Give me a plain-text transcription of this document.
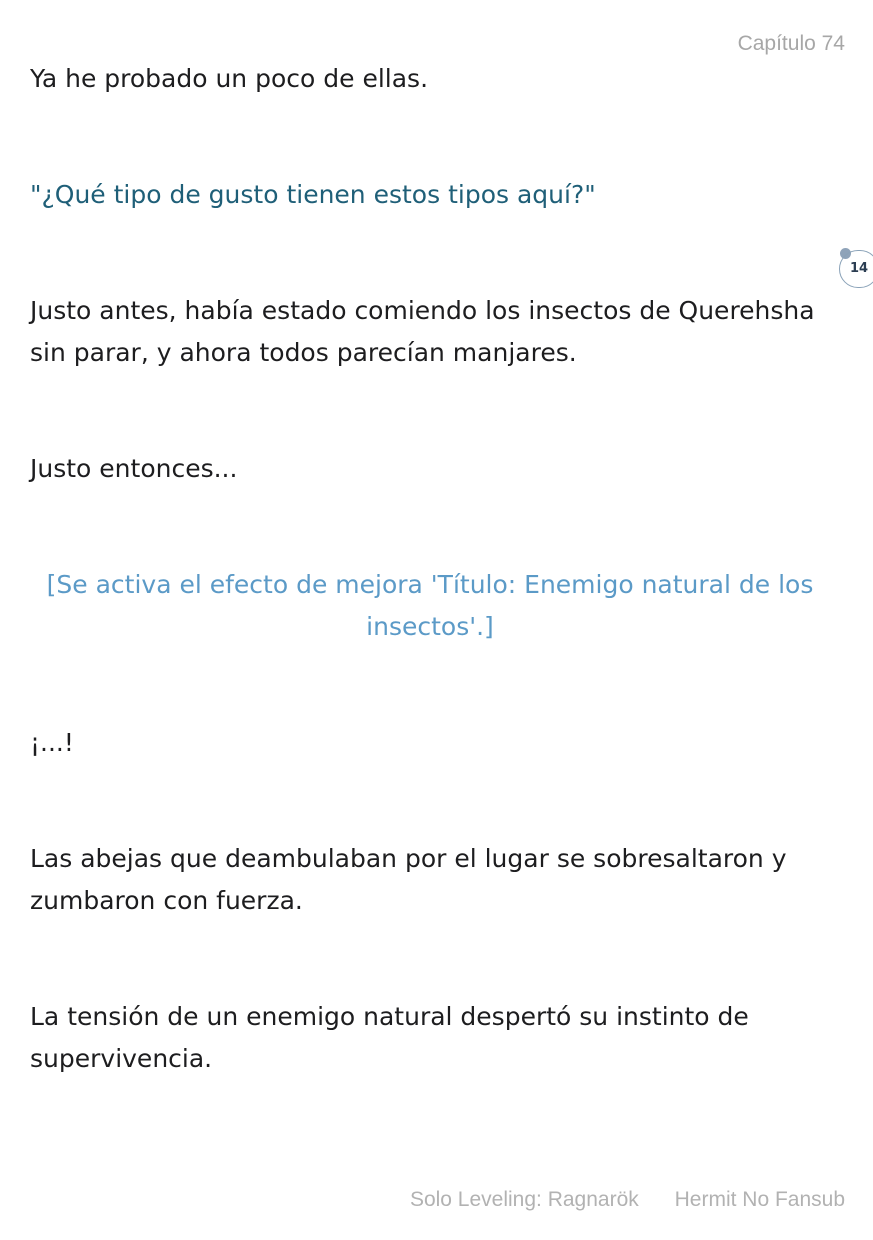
Capítulo 74
14

Ya he probado un poco de ellas.

"¿Qué tipo de gusto tienen estos tipos aquí?"

Justo antes, había estado comiendo los insectos de Querehsha sin parar, y ahora todos parecían manjares.

Justo entonces...

[Se activa el efecto de mejora 'Título: Enemigo natural de los insectos'.]

¡...!

Las abejas que deambulaban por el lugar se sobresaltaron y zumbaron con fuerza.

La tensión de un enemigo natural despertó su instinto de supervivencia.

Solo Leveling: Ragnarök Hermit No Fansub
